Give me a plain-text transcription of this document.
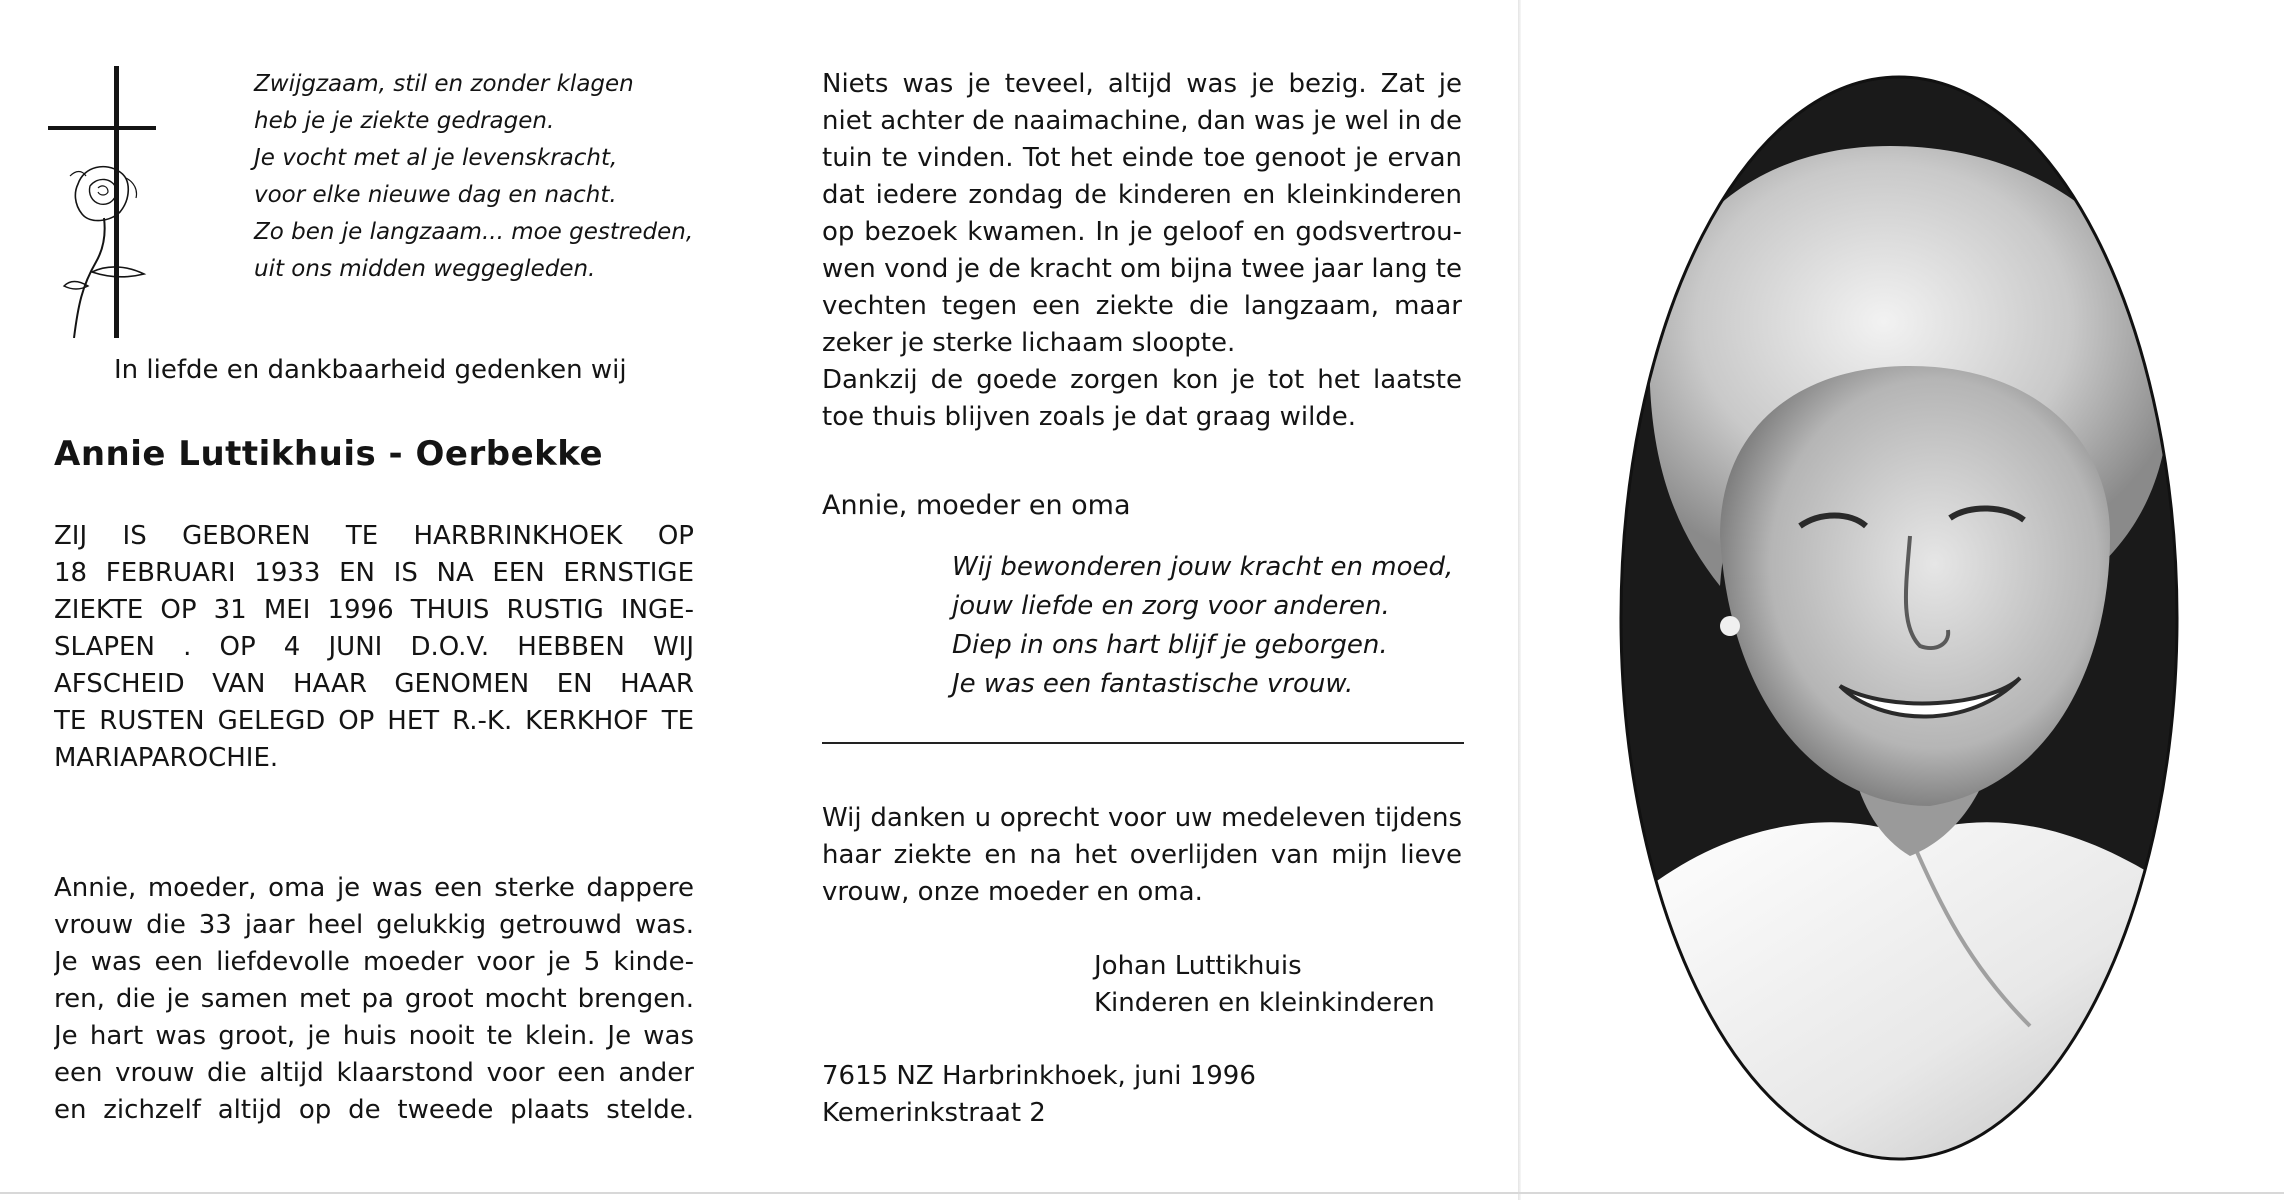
Zwijgzaam, stil en zonder klagen
heb je je ziekte gedragen.
Je vocht met al je levenskracht,
voor elke nieuwe dag en nacht.
Zo ben je langzaam... moe gestreden,
uit ons midden weggegleden.
In liefde en dankbaarheid gedenken wij
Annie Luttikhuis - Oerbekke
ZIJ IS GEBOREN TE HARBRINKHOEK OP
18 FEBRUARI 1933 EN IS NA EEN ERNSTIGE
ZIEKTE OP 31 MEI 1996 THUIS RUSTIG INGE-
SLAPEN . OP 4 JUNI D.O.V. HEBBEN WIJ
AFSCHEID VAN HAAR GENOMEN EN HAAR
TE RUSTEN GELEGD OP HET R.-K. KERKHOF TE
MARIAPAROCHIE.
Annie, moeder, oma je was een sterke dappere
vrouw die 33 jaar heel gelukkig getrouwd was.
Je was een liefdevolle moeder voor je 5 kinde-
ren, die je samen met pa groot mocht brengen.
Je hart was groot, je huis nooit te klein. Je was
een vrouw die altijd klaarstond voor een ander
en zichzelf altijd op de tweede plaats stelde.
Niets was je teveel, altijd was je bezig. Zat je
niet achter de naaimachine, dan was je wel in de
tuin te vinden. Tot het einde toe genoot je ervan
dat iedere zondag de kinderen en kleinkinderen
op bezoek kwamen. In je geloof en godsvertrou-
wen vond je de kracht om bijna twee jaar lang te
vechten tegen een ziekte die langzaam, maar
zeker je sterke lichaam sloopte.
Dankzij de goede zorgen kon je tot het laatste
toe thuis blijven zoals je dat graag wilde.
Annie, moeder en oma
Wij bewonderen jouw kracht en moed,
jouw liefde en zorg voor anderen.
Diep in ons hart blijf je geborgen.
Je was een fantastische vrouw.
Wij danken u oprecht voor uw medeleven tijdens
haar ziekte en na het overlijden van mijn lieve
vrouw, onze moeder en oma.
Johan Luttikhuis
Kinderen en kleinkinderen
7615 NZ Harbrinkhoek, juni 1996
Kemerinkstraat 2
